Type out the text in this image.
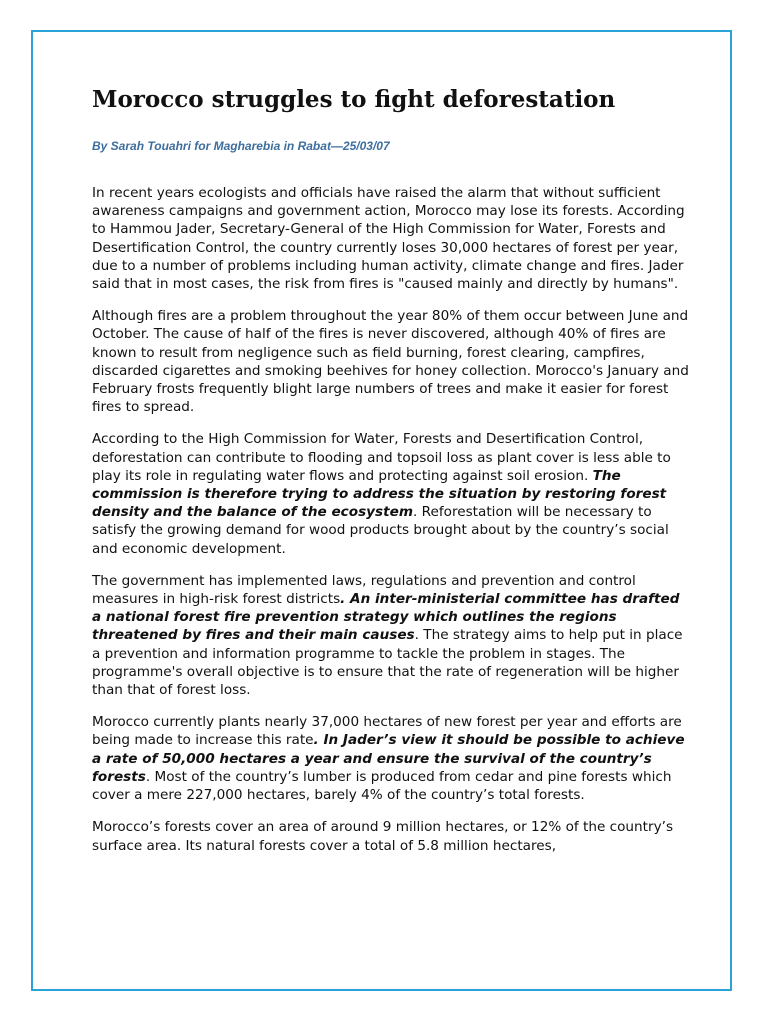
Morocco struggles to fight deforestation
By Sarah Touahri for Magharebia in Rabat—25/03/07

In recent years ecologists and officials have raised the alarm that without sufficient awareness campaigns and government action, Morocco may lose its forests. According to Hammou Jader, Secretary-General of the High Commission for Water, Forests and Desertification Control, the country currently loses 30,000 hectares of forest per year, due to a number of problems including human activity, climate change and fires. Jader said that in most cases, the risk from fires is "caused mainly and directly by humans".

Although fires are a problem throughout the year 80% of them occur between June and October. The cause of half of the fires is never discovered, although 40% of fires are known to result from negligence such as field burning, forest clearing, campfires, discarded cigarettes and smoking beehives for honey collection. Morocco's January and February frosts frequently blight large numbers of trees and make it easier for forest fires to spread.

According to the High Commission for Water, Forests and Desertification Control, deforestation can contribute to flooding and topsoil loss as plant cover is less able to play its role in regulating water flows and protecting against soil erosion. The commission is therefore trying to address the situation by restoring forest density and the balance of the ecosystem. Reforestation will be necessary to satisfy the growing demand for wood products brought about by the country’s social and economic development.

The government has implemented laws, regulations and prevention and control measures in high-risk forest districts. An inter-ministerial committee has drafted a national forest fire prevention strategy which outlines the regions threatened by fires and their main causes. The strategy aims to help put in place a prevention and information programme to tackle the problem in stages. The programme's overall objective is to ensure that the rate of regeneration will be higher than that of forest loss.

Morocco currently plants nearly 37,000 hectares of new forest per year and efforts are being made to increase this rate. In Jader’s view it should be possible to achieve a rate of 50,000 hectares a year and ensure the survival of the country’s forests. Most of the country’s lumber is produced from cedar and pine forests which cover a mere 227,000 hectares, barely 4% of the country’s total forests.

Morocco’s forests cover an area of around 9 million hectares, or 12% of the country’s surface area. Its natural forests cover a total of 5.8 million hectares,
